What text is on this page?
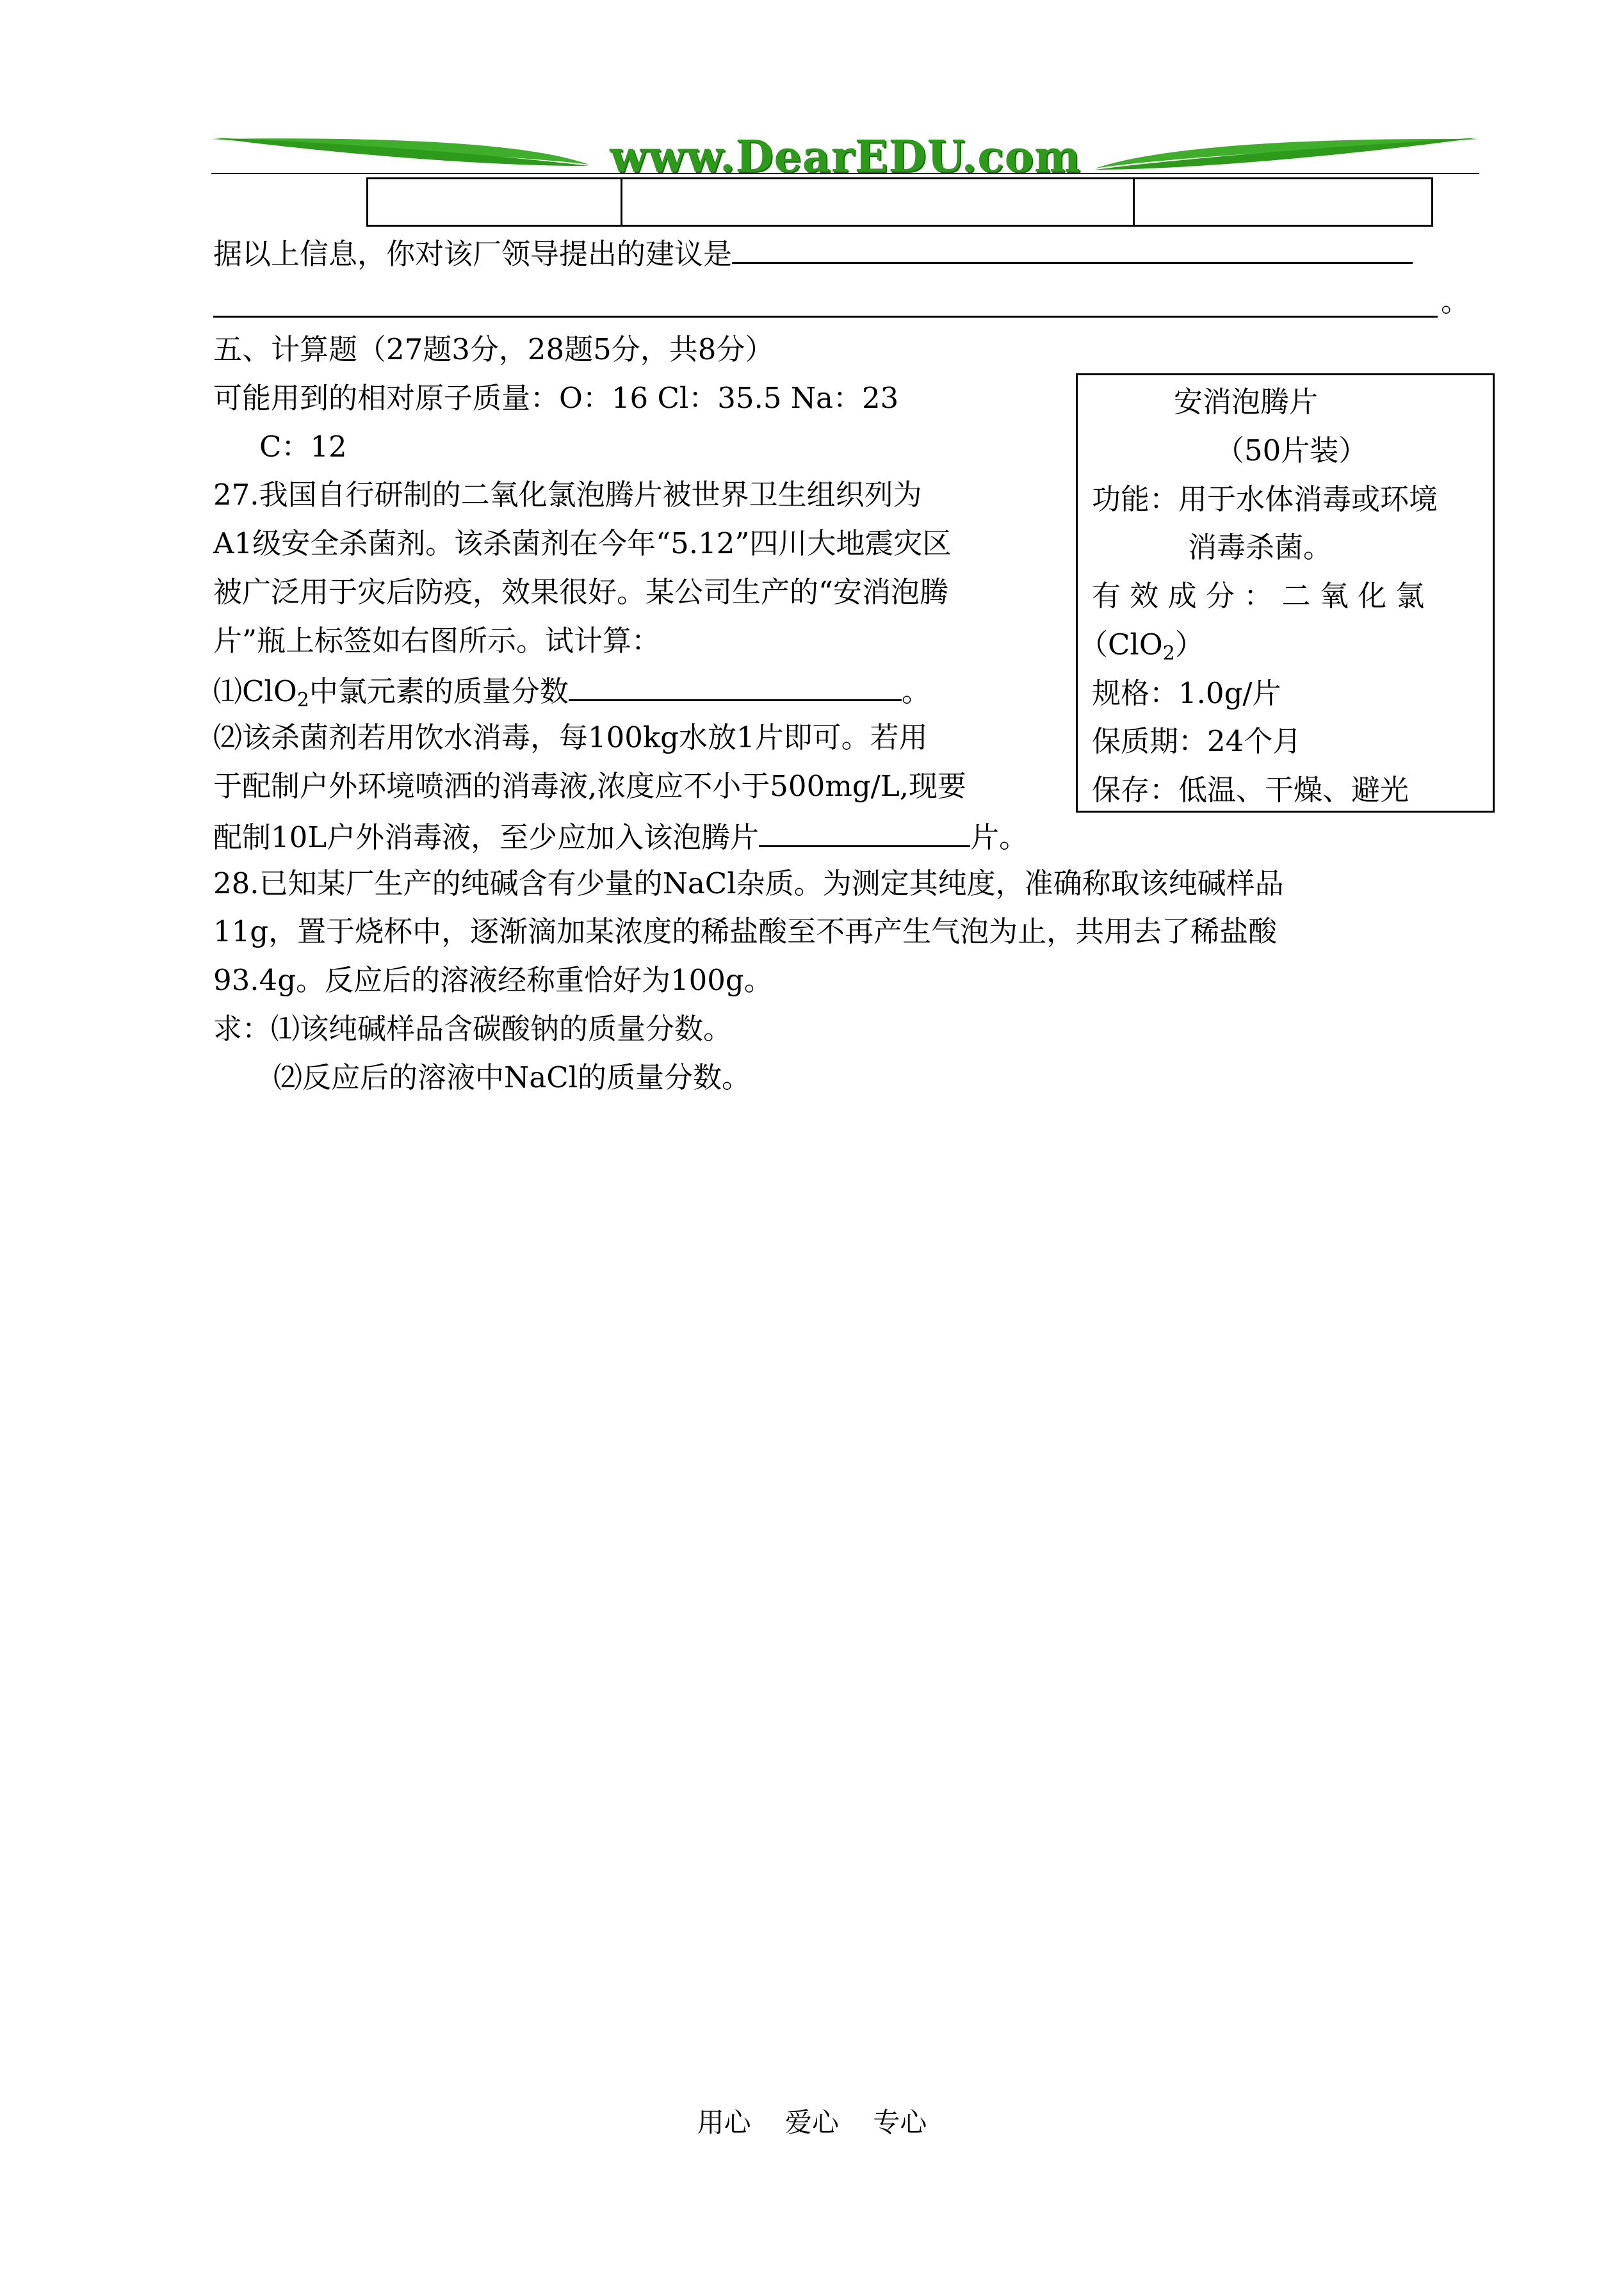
www.DearEDU.com
据以上信息，你对该厂领导提出的建议是
。
五、计算题（27题3分，28题5分，共8分）
可能用到的相对原子质量：O：16 Cl：35.5 Na：23
C：12
27.我国自行研制的二氧化氯泡腾片被世界卫生组织列为
A1级安全杀菌剂。该杀菌剂在今年“5.12”四川大地震灾区
被广泛用于灾后防疫，效果很好。某公司生产的“安消泡腾
片”瓶上标签如右图所示。试计算：
⑴ClO$_2$中氯元素的质量分数	。
⑵该杀菌剂若用饮水消毒，每100kg水放1片即可。若用
于配制户外环境喷洒的消毒液,浓度应不小于500mg/L,现要
配制10L户外消毒液，至少应加入该泡腾片	片。
安消泡腾片
（50片装）
功能：用于水体消毒或环境
消毒杀菌。
有 效 成 分 ： 二 氧 化 氯
（ClO$_2$）
规格：1.0g/片
保质期：24个月
保存：低温、干燥、避光
28.已知某厂生产的纯碱含有少量的NaCl杂质。为测定其纯度，准确称取该纯碱样品
11g，置于烧杯中，逐渐滴加某浓度的稀盐酸至不再产生气泡为止，共用去了稀盐酸
93.4g。反应后的溶液经称重恰好为100g。
求：⑴该纯碱样品含碳酸钠的质量分数。
⑵反应后的溶液中NaCl的质量分数。
用心 爱心 专心
